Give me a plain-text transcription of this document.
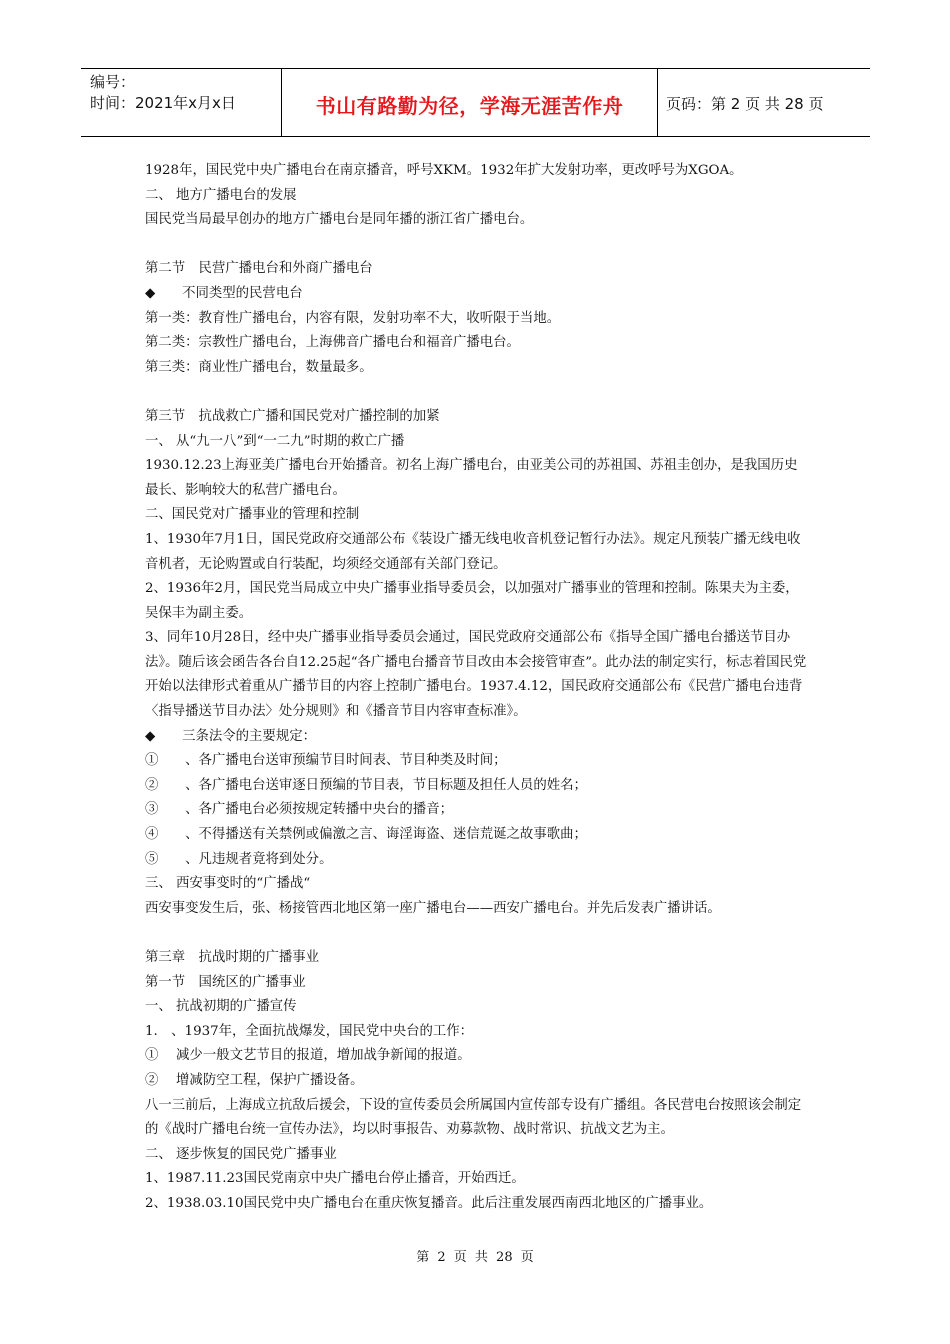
编号：
时间：2021年x月x日	书山有路勤为径，学海无涯苦作舟	页码：第 2 页 共 28 页

1928年，国民党中央广播电台在南京播音，呼号XKM。1932年扩大发射功率，更改呼号为XGOA。

二、 地方广播电台的发展

国民党当局最早创办的地方广播电台是同年播的浙江省广播电台。

第二节　民营广播电台和外商广播电台

◆　　不同类型的民营电台

第一类：教育性广播电台，内容有限，发射功率不大，收听限于当地。

第二类：宗教性广播电台，上海佛音广播电台和福音广播电台。

第三类：商业性广播电台，数量最多。

第三节　抗战救亡广播和国民党对广播控制的加紧

一、 从“九一八”到“一二九”时期的救亡广播

1930.12.23上海亚美广播电台开始播音。初名上海广播电台，由亚美公司的苏祖国、苏祖圭创办，是我国历史最长、影响较大的私营广播电台。

二、国民党对广播事业的管理和控制

1、1930年7月1日，国民党政府交通部公布《装设广播无线电收音机登记暂行办法》。规定凡预装广播无线电收音机者，无论购置或自行装配，均须经交通部有关部门登记。

2、1936年2月，国民党当局成立中央广播事业指导委员会，以加强对广播事业的管理和控制。陈果夫为主委，吴保丰为副主委。

3、同年10月28日，经中央广播事业指导委员会通过，国民党政府交通部公布《指导全国广播电台播送节目办法》。随后该会函告各台自12.25起“各广播电台播音节目改由本会接管审查”。此办法的制定实行，标志着国民党开始以法律形式着重从广播节目的内容上控制广播电台。1937.4.12，国民政府交通部公布《民营广播电台违背〈指导播送节目办法〉处分规则》和《播音节目内容审查标准》。

◆　　三条法令的主要规定：

①　　、各广播电台送审预编节目时间表、节目种类及时间；

②　　、各广播电台送审逐日预编的节目表，节目标题及担任人员的姓名；

③　　、各广播电台必须按规定转播中央台的播音；

④　　、不得播送有关禁例或偏激之言、诲淫诲盗、迷信荒诞之故事歌曲；

⑤　　、凡违规者竟将到处分。

三、 西安事变时的“广播战“

西安事变发生后，张、杨接管西北地区第一座广播电台——西安广播电台。并先后发表广播讲话。

第三章　抗战时期的广播事业

第一节　国统区的广播事业

一、 抗战初期的广播宣传

1.　、1937年，全面抗战爆发，国民党中央台的工作：

①　 减少一般文艺节目的报道，增加战争新闻的报道。

②　 增减防空工程，保护广播设备。

八一三前后，上海成立抗敌后援会，下设的宣传委员会所属国内宣传部专设有广播组。各民营电台按照该会制定的《战时广播电台统一宣传办法》，均以时事报告、劝募款物、战时常识、抗战文艺为主。

二、 逐步恢复的国民党广播事业

1、1987.11.23国民党南京中央广播电台停止播音，开始西迁。

2、1938.03.10国民党中央广播电台在重庆恢复播音。此后注重发展西南西北地区的广播事业。

第 2 页 共 28 页
